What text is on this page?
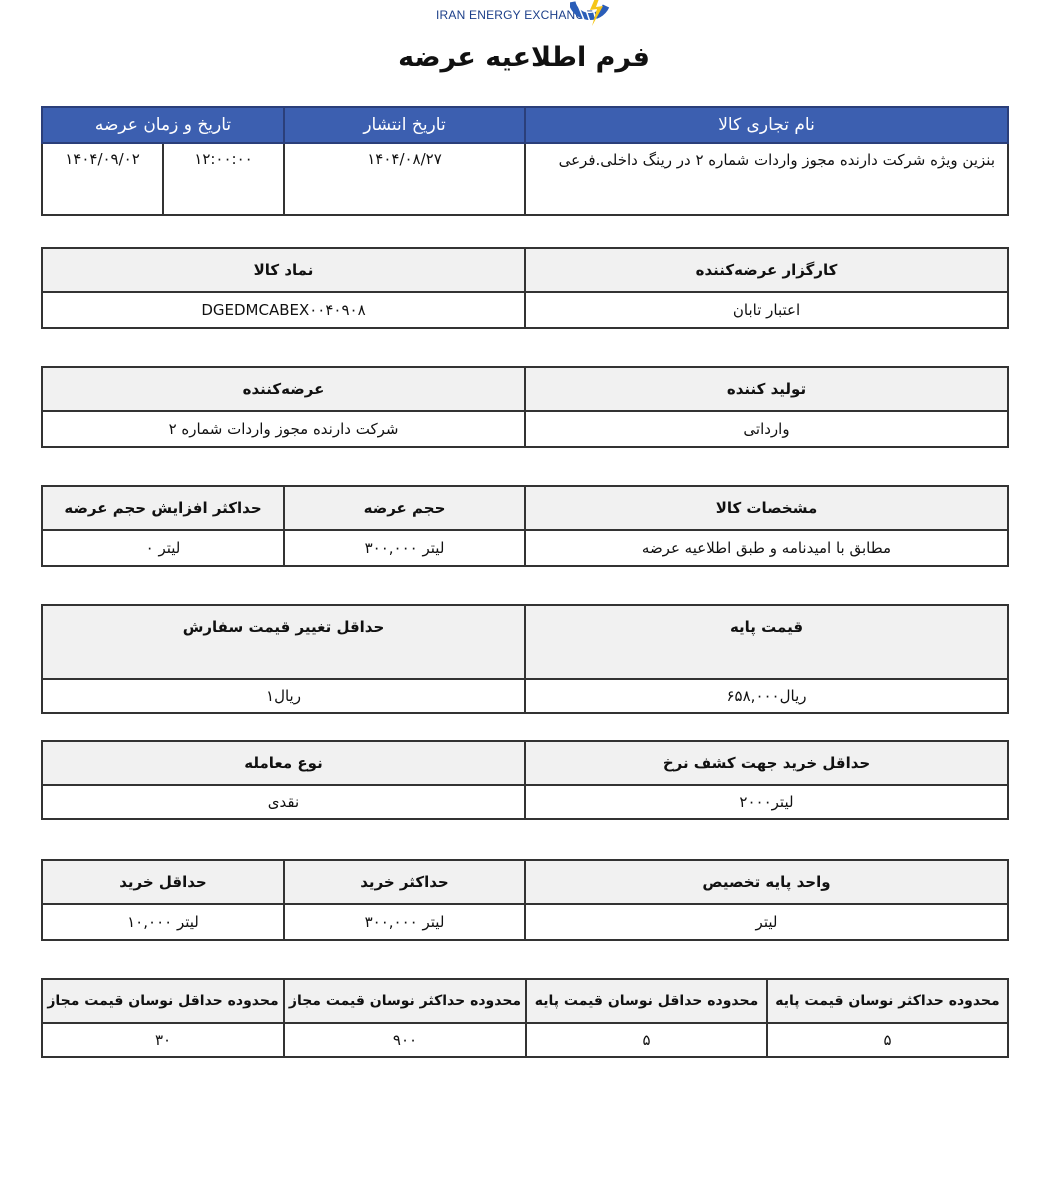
IRAN ENERGY EXCHANGE
فرم اطلاعیه عرضه
نام تجاری کالا	تاریخ انتشار	تاریخ و زمان عرضه	
بنزین ویژه شرکت دارنده مجوز واردات شماره ۲ در رینگ داخلی.فرعی	۱۴۰۴/۰۸/۲۷	۱۲:۰۰:۰۰	۱۴۰۴/۰۹/۰۲
کارگزار عرضه‌کننده	نماد کالا
اعتبار تابان	DGEDMCABEX۰۰۴۰۹۰۸
تولید کننده	عرضه‌کننده
وارداتی	شرکت دارنده مجوز واردات شماره ۲
مشخصات کالا	حجم عرضه	حداکثر افزایش حجم عرضه
مطابق با امیدنامه و طبق اطلاعیه عرضه	لیتر ۳۰۰,۰۰۰	لیتر ۰
قیمت پایه	حداقل تغییر قیمت سفارش
ریال۶۵۸,۰۰۰	ریال۱
حداقل خرید جهت کشف نرخ	نوع معامله
لیتر۲۰۰۰	نقدی
واحد پایه تخصیص	حداکثر خرید	حداقل خرید
لیتر	لیتر ۳۰۰,۰۰۰	لیتر ۱۰,۰۰۰
محدوده حداکثر نوسان قیمت پایه	محدوده حداقل نوسان قیمت پایه	محدوده حداکثر نوسان قیمت مجاز	محدوده حداقل نوسان قیمت مجاز
۵	۵	۹۰۰	۳۰
